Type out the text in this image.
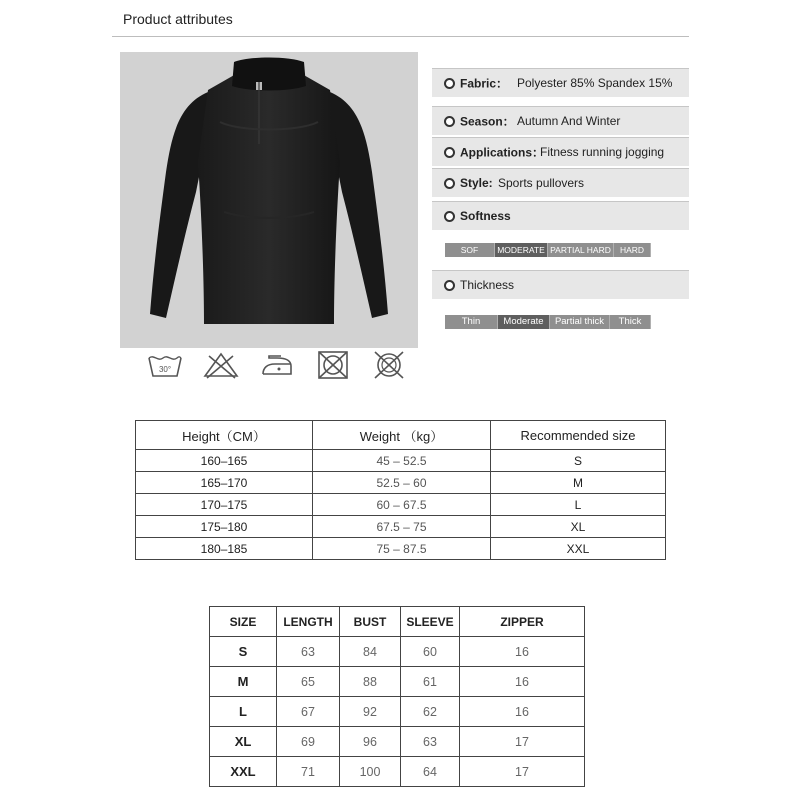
Product attributes
30°
Fabric： Polyester 85% Spandex 15%
Season： Autumn And Winter
Applications：
Fitness running jogging
Style: Sports pullovers
Softness
SOF	MODERATE PARTIAL HARD	HARD
Thickness
Thin	Moderate	Partial thick	Thick
Height（CM）	Weight （kg）	Recommended size
160–165	45 – 52.5	S
165–170	52.5 – 60	M
170–175	60 – 67.5	L
175–180	67.5 – 75	XL
180–185	75 – 87.5	XXL
SIZE	LENGTH	BUST	SLEEVE	ZIPPER
S	63	84	60	16
M	65	88	61	16
L	67	92	62	16
XL	69	96	63	17
XXL	71	100	64	17
